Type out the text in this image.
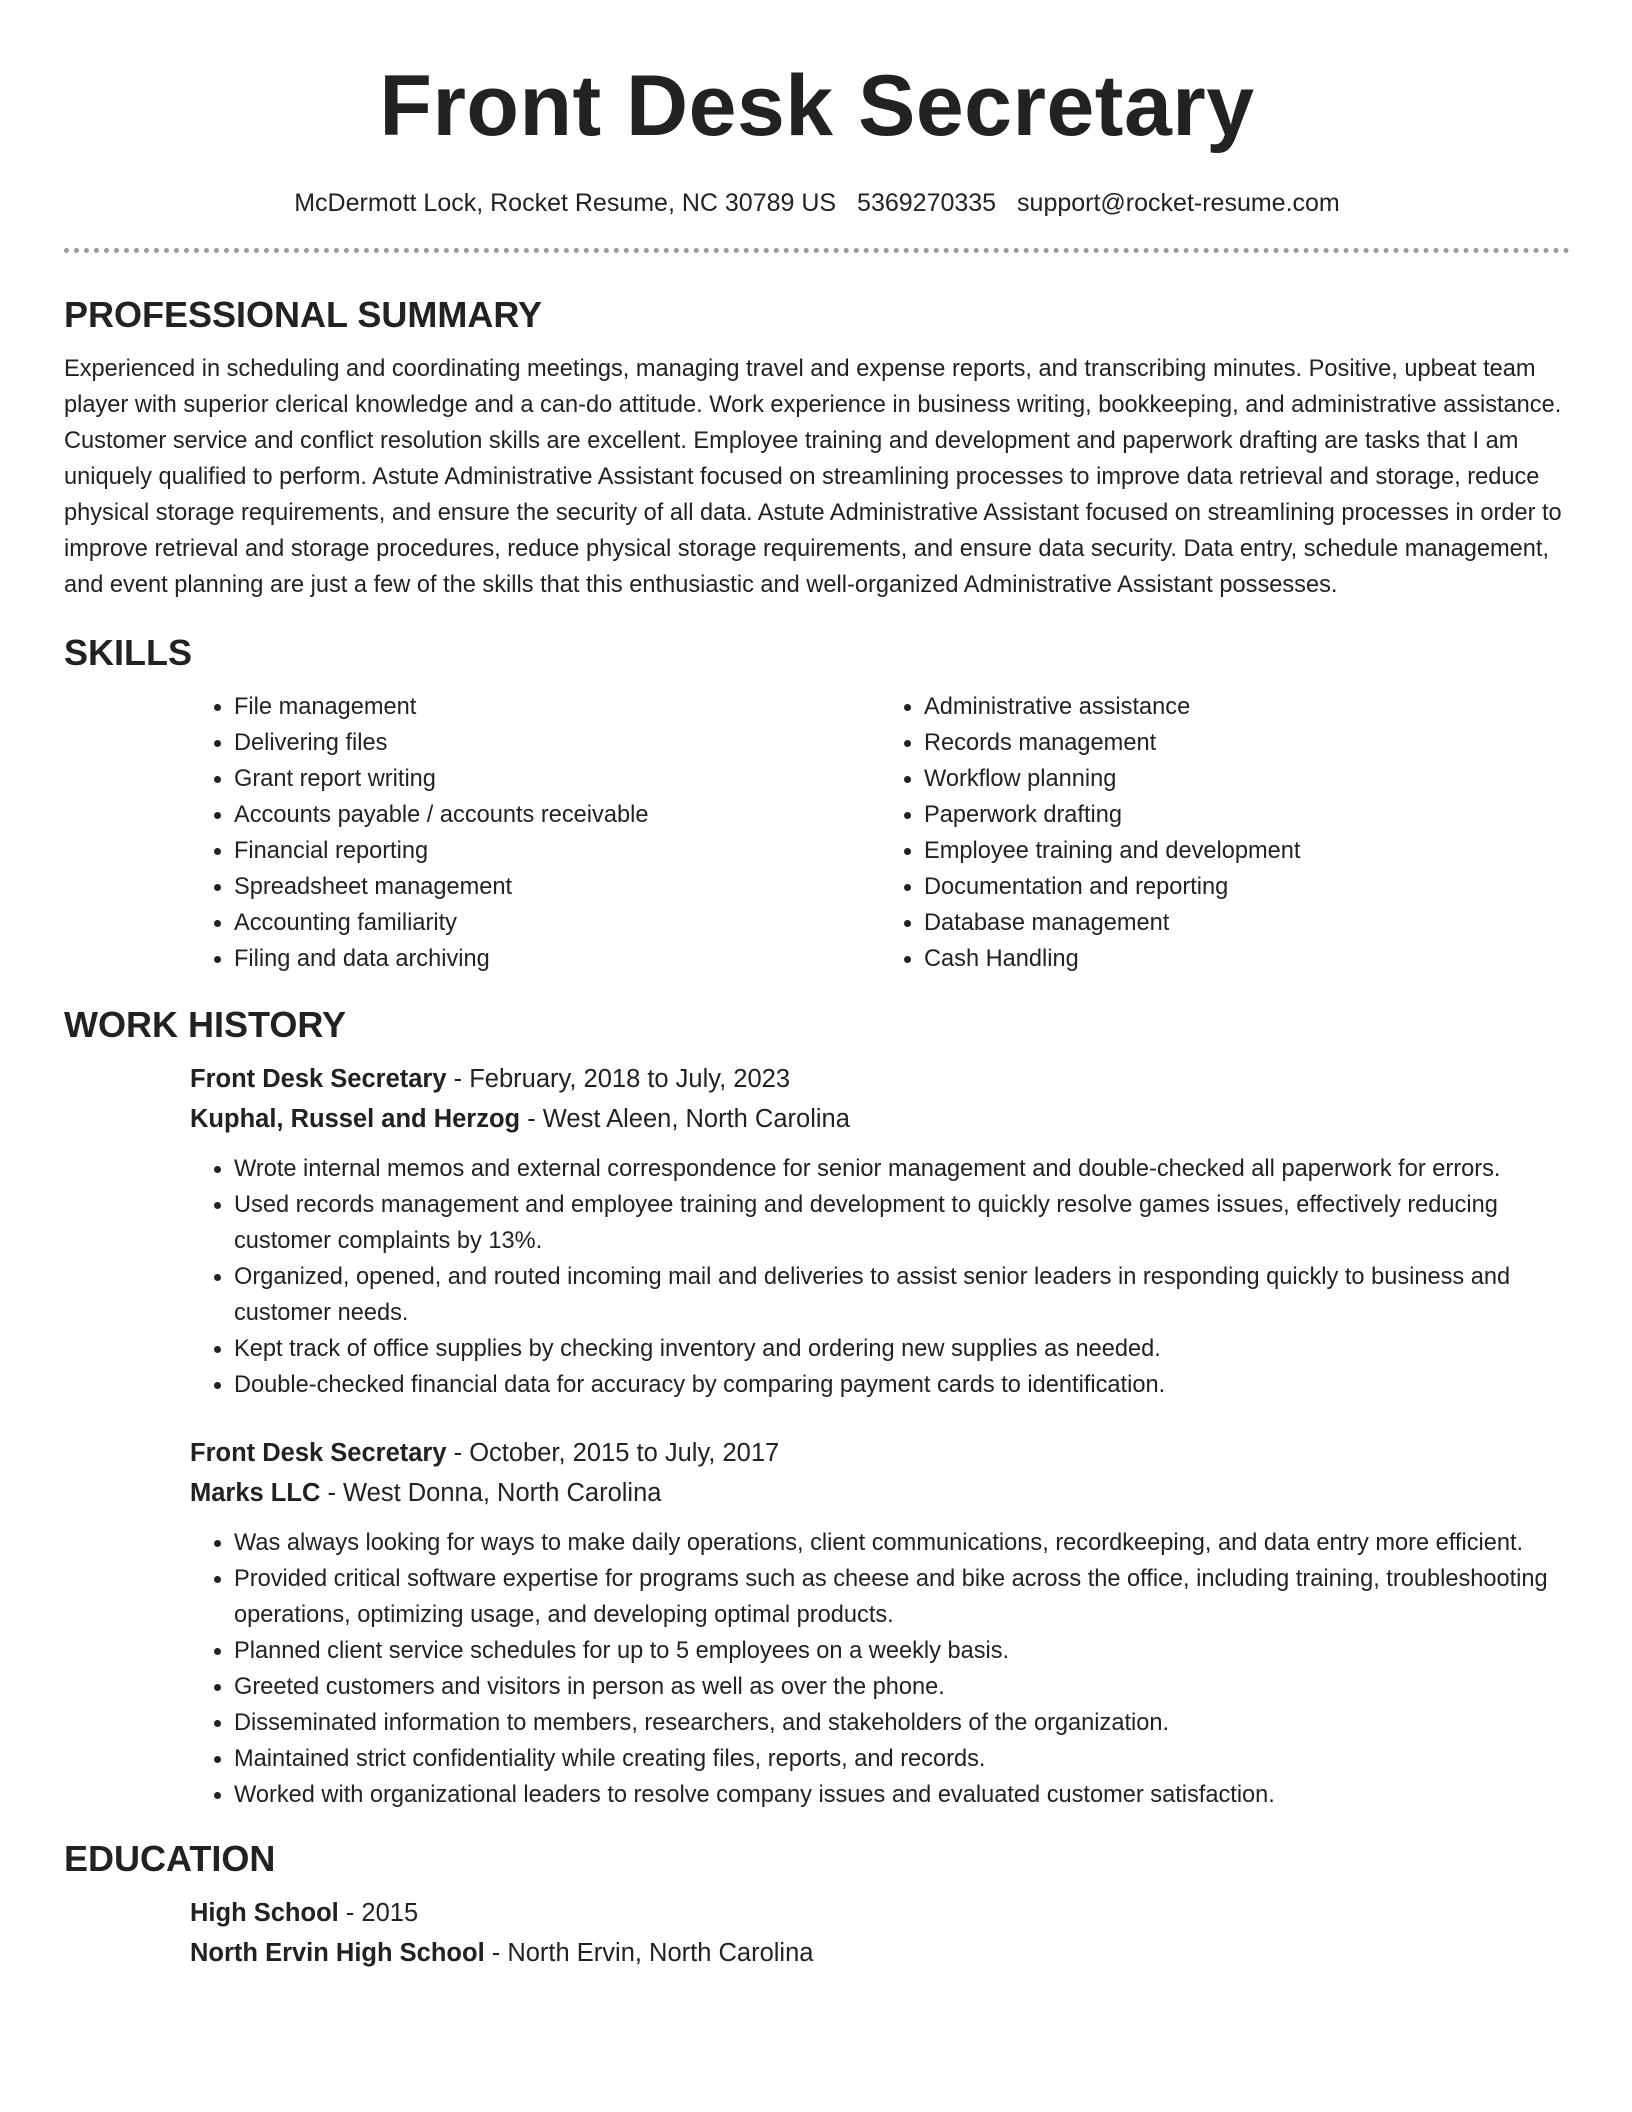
Front Desk Secretary
McDermott Lock, Rocket Resume, NC 30789 US 5369270335 support@rocket-resume.com
PROFESSIONAL SUMMARY

Experienced in scheduling and coordinating meetings, managing travel and expense reports, and transcribing minutes. Positive, upbeat team player with superior clerical knowledge and a can-do attitude. Work experience in business writing, bookkeeping, and administrative assistance. Customer service and conflict resolution skills are excellent. Employee training and development and paperwork drafting are tasks that I am uniquely qualified to perform. Astute Administrative Assistant focused on streamlining processes to improve data retrieval and storage, reduce physical storage requirements, and ensure the security of all data. Astute Administrative Assistant focused on streamlining processes in order to improve retrieval and storage procedures, reduce physical storage requirements, and ensure data security. Data entry, schedule management, and event planning are just a few of the skills that this enthusiastic and well-organized Administrative Assistant possesses.

SKILLS
• File management
• Delivering files
• Grant report writing
• Accounts payable / accounts receivable
• Financial reporting
• Spreadsheet management
• Accounting familiarity
• Filing and data archiving
• Administrative assistance
• Records management
• Workflow planning
• Paperwork drafting
• Employee training and development
• Documentation and reporting
• Database management
• Cash Handling
WORK HISTORY
Front Desk Secretary - February, 2018 to July, 2023
Kuphal, Russel and Herzog - West Aleen, North Carolina
• Wrote internal memos and external correspondence for senior management and double-checked all paperwork for errors.
• Used records management and employee training and development to quickly resolve games issues, effectively reducing customer complaints by 13%.
• Organized, opened, and routed incoming mail and deliveries to assist senior leaders in responding quickly to business and customer needs.
• Kept track of office supplies by checking inventory and ordering new supplies as needed.
• Double-checked financial data for accuracy by comparing payment cards to identification.
Front Desk Secretary - October, 2015 to July, 2017
Marks LLC - West Donna, North Carolina
• Was always looking for ways to make daily operations, client communications, recordkeeping, and data entry more efficient.
• Provided critical software expertise for programs such as cheese and bike across the office, including training, troubleshooting operations, optimizing usage, and developing optimal products.
• Planned client service schedules for up to 5 employees on a weekly basis.
• Greeted customers and visitors in person as well as over the phone.
• Disseminated information to members, researchers, and stakeholders of the organization.
• Maintained strict confidentiality while creating files, reports, and records.
• Worked with organizational leaders to resolve company issues and evaluated customer satisfaction.
EDUCATION
High School - 2015
North Ervin High School - North Ervin, North Carolina
